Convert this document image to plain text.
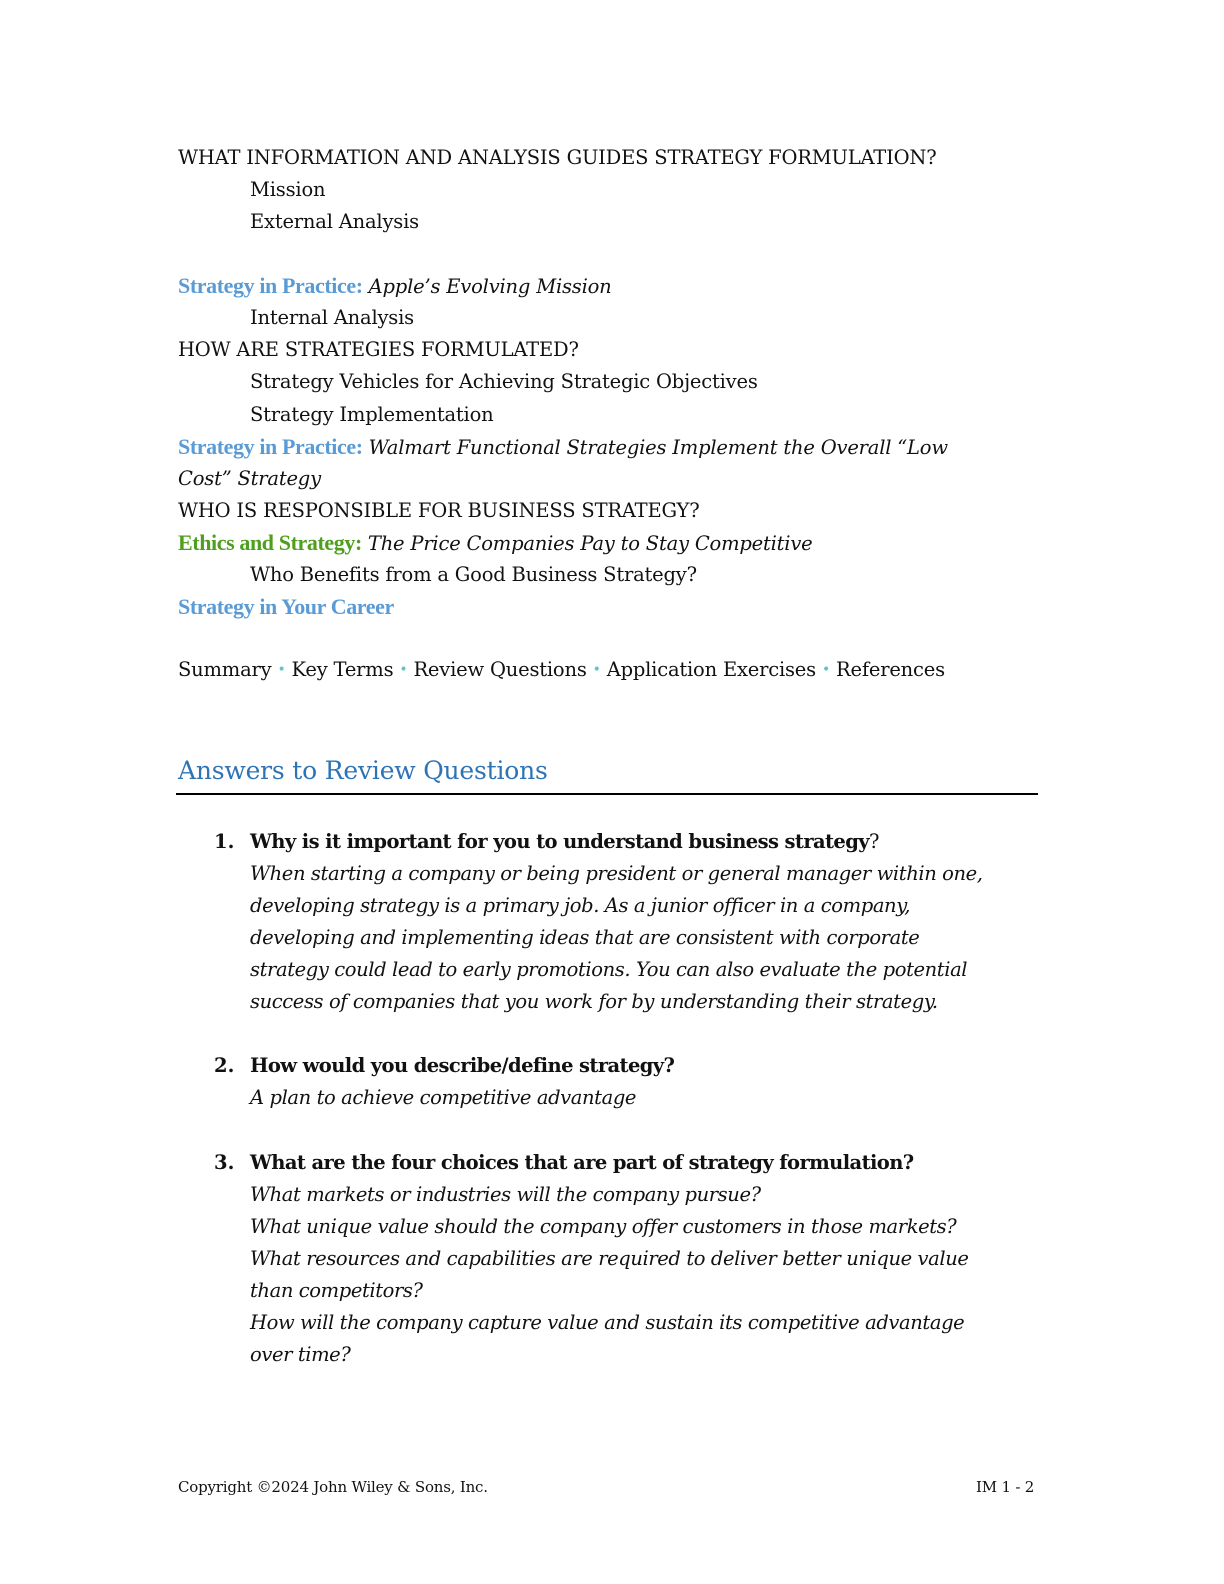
WHAT INFORMATION AND ANALYSIS GUIDES STRATEGY FORMULATION?
Mission
External Analysis
Strategy in Practice: Apple’s Evolving Mission
Internal Analysis
HOW ARE STRATEGIES FORMULATED?
Strategy Vehicles for Achieving Strategic Objectives
Strategy Implementation
Strategy in Practice: Walmart Functional Strategies Implement the Overall “Low
Cost” Strategy
WHO IS RESPONSIBLE FOR BUSINESS STRATEGY?
Ethics and Strategy: The Price Companies Pay to Stay Competitive
Who Benefits from a Good Business Strategy?
Strategy in Your Career
Summary • Key Terms • Review Questions • Application Exercises • References
Answers to Review Questions
1. Why is it important for you to understand business strategy?
When starting a company or being president or general manager within one,
developing strategy is a primary job. As a junior officer in a company,
developing and implementing ideas that are consistent with corporate
strategy could lead to early promotions. You can also evaluate the potential
success of companies that you work for by understanding their strategy.
2. How would you describe/define strategy?
A plan to achieve competitive advantage
3. What are the four choices that are part of strategy formulation?
What markets or industries will the company pursue?
What unique value should the company offer customers in those markets?
What resources and capabilities are required to deliver better unique value
than competitors?
How will the company capture value and sustain its competitive advantage
over time?
Copyright ©2024 John Wiley & Sons, Inc.	IM 1 - 2
